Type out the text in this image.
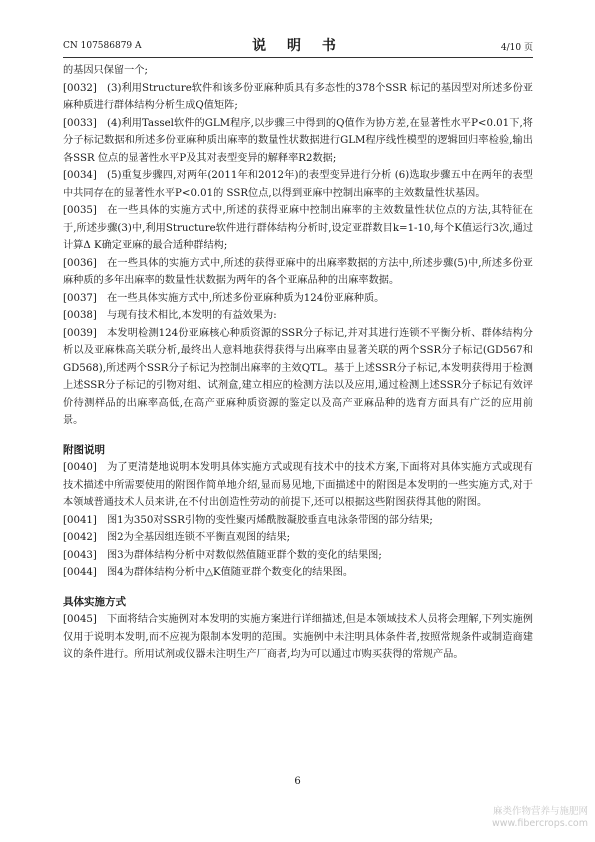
CN 107586879 A	说 明 书	4/10 页

的基因只保留一个;

[0032] (3)利用Structure软件和该多份亚麻种质具有多态性的378个SSR 标记的基因型对所述多份亚麻种质进行群体结构分析生成Q值矩阵;

[0033] (4)利用Tassel软件的GLM程序,以步骤三中得到的Q值作为协方差,在显著性水平P<0.01下,将分子标记数据和所述多份亚麻种质出麻率的数量性状数据进行GLM程序线性模型的逻辑回归率检验,输出各SSR 位点的显著性水平P及其对表型变异的解释率R2数据;

[0034] (5)重复步骤四,对两年(2011年和2012年)的表型变异进行分析 (6)选取步骤五中在两年的表型中共同存在的显著性水平P<0.01的 SSR位点,以得到亚麻中控制出麻率的主效数量性状基因。

[0035] 在一些具体的实施方式中,所述的获得亚麻中控制出麻率的主效数量性状位点的方法,其特征在于,所述步骤(3)中,利用Structure软件进行群体结构分析时,设定亚群数目k=1-10,每个K值运行3次,通过计算Δ K确定亚麻的最合适种群结构;

[0036] 在一些具体的实施方式中,所述的获得亚麻中的出麻率数据的方法中,所述步骤(5)中,所述多份亚麻种质的多年出麻率的数量性状数据为两年的各个亚麻品种的出麻率数据。

[0037] 在一些具体实施方式中,所述多份亚麻种质为124份亚麻种质。

[0038] 与现有技术相比,本发明的有益效果为:

[0039] 本发明检测124份亚麻核心种质资源的SSR分子标记,并对其进行连锁不平衡分析、群体结构分析以及亚麻株高关联分析,最终出人意料地获得获得与出麻率由显著关联的两个SSR分子标记(GD567和GD568),所述两个SSR分子标记为控制出麻率的主效QTL。基于上述SSR分子标记,本发明获得用于检测上述SSR分子标记的引物对组、试剂盒,建立相应的检测方法以及应用,通过检测上述SSR分子标记有效评价待测样品的出麻率高低,在高产亚麻种质资源的鉴定以及高产亚麻品种的选育方面具有广泛的应用前景。

附图说明

[0040] 为了更清楚地说明本发明具体实施方式或现有技术中的技术方案,下面将对具体实施方式或现有技术描述中所需要使用的附图作简单地介绍,显而易见地,下面描述中的附图是本发明的一些实施方式,对于本领域普通技术人员来讲,在不付出创造性劳动的前提下,还可以根据这些附图获得其他的附图。

[0041] 图1为350对SSR引物的变性聚丙烯酰胺凝胶垂直电泳条带图的部分结果;

[0042] 图2为全基因组连锁不平衡直观图的结果;

[0043] 图3为群体结构分析中对数似然值随亚群个数的变化的结果图;

[0044] 图4为群体结构分析中△K值随亚群个数变化的结果图。

具体实施方式

[0045] 下面将结合实施例对本发明的实施方案进行详细描述,但是本领域技术人员将会理解,下列实施例仅用于说明本发明,而不应视为限制本发明的范围。实施例中未注明具体条件者,按照常规条件或制造商建议的条件进行。所用试剂或仪器未注明生产厂商者,均为可以通过市购买获得的常规产品。

6
麻类作物营养与施肥网
www.fibercrops.com
